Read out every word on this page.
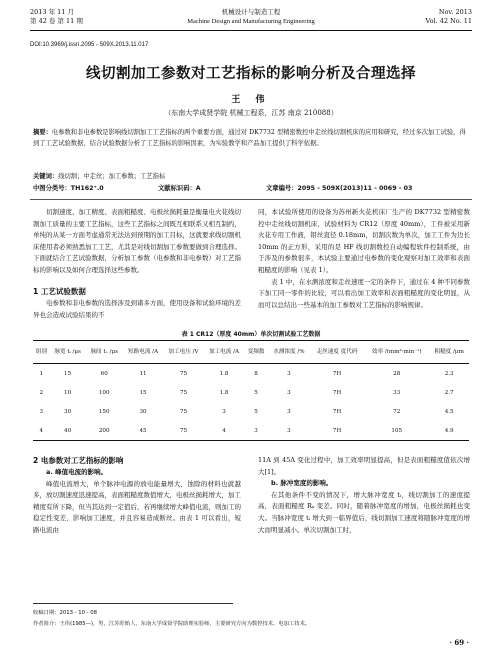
2013 年 11 月
第 42 卷 第 11 期
机械设计与制造工程
Machine Design and Manufacturing Engineering
Nov. 2013
Vol. 42 No. 11
DOI:10.3969/j.issn.2095 - 509X.2013.11.017
线切割加工参数对工艺指标的影响分析及合理选择
王 伟
（东南大学成贤学院 机械工程系，江苏 南京 210088）
摘要：电参数和非电参数是影响线切割加工工艺指标的两个重要方面，通过对 DK7732 型精密数控中走丝线切割机床的应用和研究，经过多次加工试验，得到了工艺试验数据，结合试验数据分析了工艺指标的影响因素，为实验教学和产品加工提供了科学依据。
关键词：线切割；中走丝；加工参数；工艺指标
中图分类号：TH162⁺.0	文献标识码：A	文章编号：2095 - 509X(2013)11 - 0069 - 03

切割速度、加工精度、表面粗糙度、电极丝损耗量是衡量电火花线切割加工质量的主要工艺指标，这些工艺指标之间既互相联系又相互制约，单纯的从某一方面考虑通常无法达到预期的加工目标，这就要求线切割机床使用者必须熟悉加工工艺，尤其是对线切割加工参数要做到合理选择。下面就结合工艺试验数据，分析加工参数（电参数和非电参数）对工艺指标的影响以及如何合理选择这些参数。

1 工艺试验数据

电参数和非电参数的选择涉及到诸多方面，使用设备和试验环境的差异也会造成试验结果的不

同，本试验所使用的设备为苏州新火花机床厂生产的 DK7732 型精密数控中走丝线切割机床，试验材料为 CR12（厚度 40mm），工件被采用新火花专用工作液，钼丝直径 0.18mm，切割次数为单次，加工工件为边长 10mm 的正方形，采用的是 HF 线切割数控自动编程软件控制系统，由于涉及的参数很多，本试验主要通过电参数的变化观察对加工效率和表面粗糙度的影响（见表 1）。

表 1 中，在水测浓度和走丝速度一定的条件下，通过在 4 种不同参数下加工同一零件的比较，可以看出加工效率和表面粗糙度的变化明显，从而可以总结出一些基本的加工参数对工艺指标的影响规律。

表 1 CR12（厚度 40mm）单次切割试验工艺数据
组别	脉宽 tᵢ /μs	脉间 tₒ /μs	短路电流 /A	加工电压 /V	加工电流 /A	变频数	水测浓度 /%	走丝速度 度代码	效率 /(mm²·min⁻¹)	粗糙度 /μm
1	15	60	11	75	1.8	8	3	7H	28	2.3
2	10	100	15	75	1.8	5	3	7H	33	2.7
3	30	150	30	75	3	5	3	7H	72	4.5
4	40	200	45	75	4	3	3	7H	105	4.9
2 电参数对工艺指标的影响

a. 峰值电流的影响。

峰值电流增大，单个脉冲电源的放电能量增大，蚀除的材料也就越多，放切割速度迅速提高，表面粗糙度数值增大，电极丝损耗增大，加工精度有所下降，但当其达到一定值后，若再继续增大峰值电流，则加工的稳定性变差，影响加工速度，并且容易造成断丝。由表 1 可以看出，短路电流由

11A 到 45A 变化过程中，加工效率明显提高，但是表面粗糙度值依次增大[1]。

b. 脉冲宽度的影响。

在其他条件不变的情况下，增大脉冲宽度 tᵢ，线切割加工的速度提高，表面粗糙度 Rₐ 变差。同时，随着脉冲宽度的增加，电极丝损耗也变大。当脉冲宽度 tᵢ 增大到一临界值后，线切割加工速度将随脉冲宽度的增大而明显减小。单次切割加工时，

收稿日期：2013 - 10 - 08
作者简介：王伟(1985—)，男，江苏盱眙人，东南大学成贤学院助理实验师，主要研究方向为数控技术、电加工技术。
· 69 ·
